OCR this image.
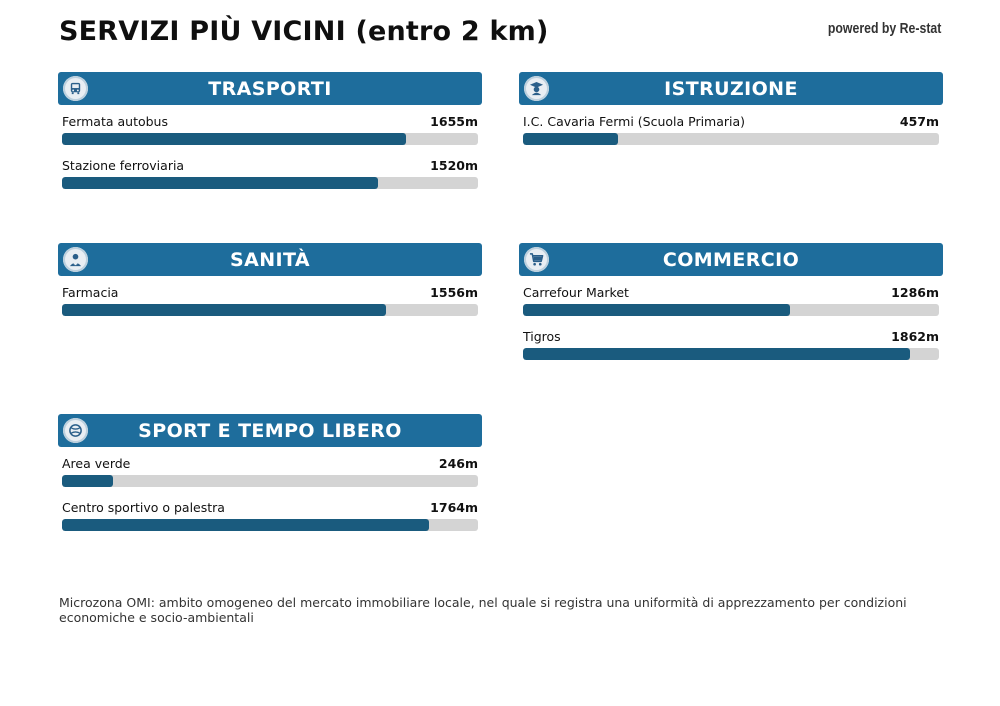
SERVIZI PIÙ VICINI (entro 2 km)	powered by Re-stat
TRASPORTI
Fermata autobus	1655m
Stazione ferroviaria	1520m
ISTRUZIONE
I.C. Cavaria Fermi (Scuola Primaria)	457m
SANITÀ
Farmacia	1556m
COMMERCIO
Carrefour Market	1286m
Tigros	1862m
SPORT E TEMPO LIBERO
Area verde	246m
Centro sportivo o palestra	1764m
Microzona OMI: ambito omogeneo del mercato immobiliare locale, nel quale si registra una uniformità di apprezzamento per condizioni economiche e socio-ambientali
